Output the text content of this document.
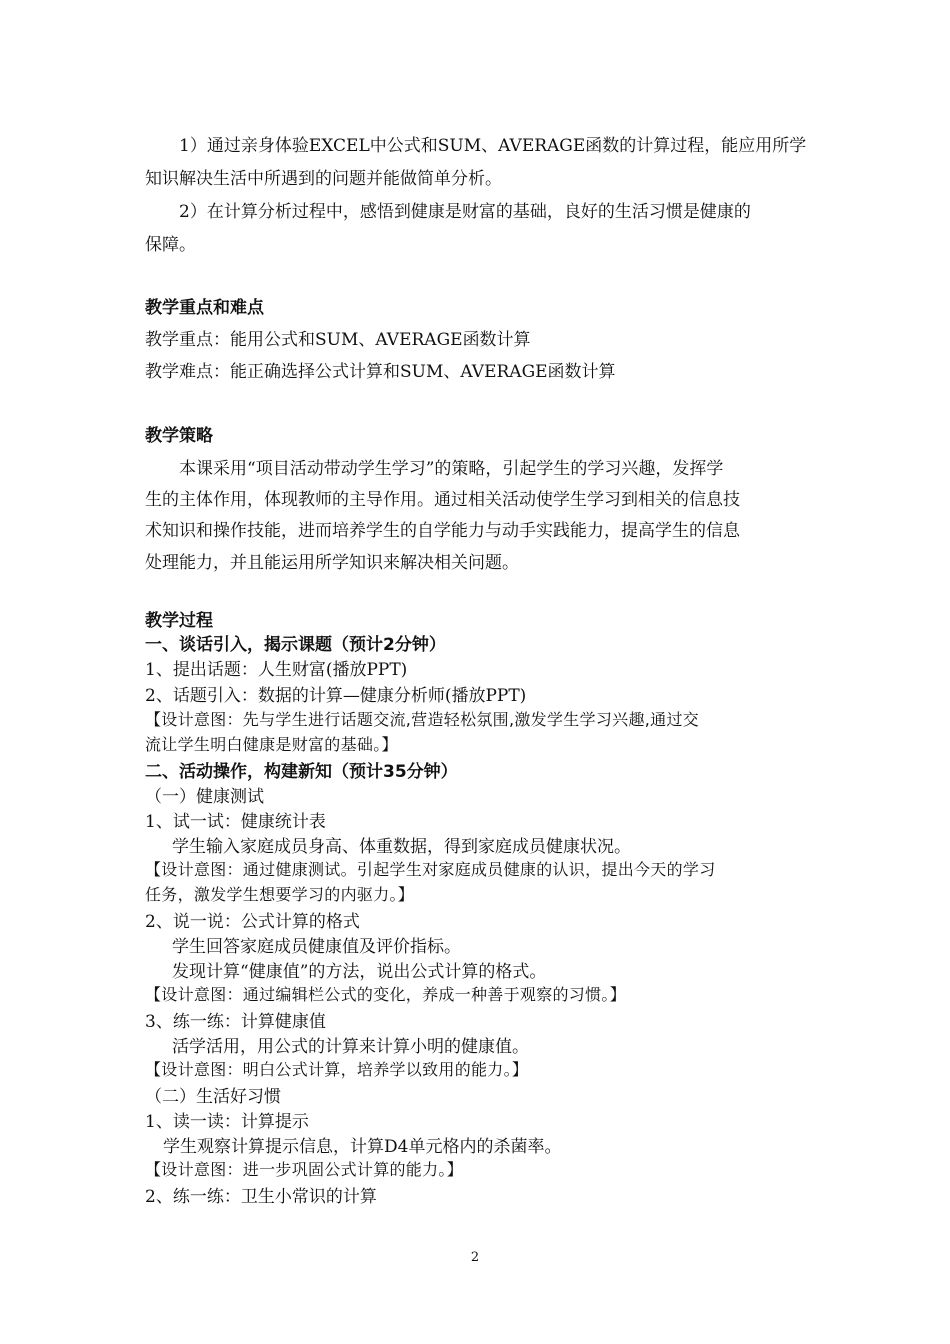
1）通过亲身体验EXCEL中公式和SUM、AVERAGE函数的计算过程，能应用所学
知识解决生活中所遇到的问题并能做简单分析。
2）在计算分析过程中，感悟到健康是财富的基础，良好的生活习惯是健康的
保障。
教学重点和难点
教学重点：能用公式和SUM、AVERAGE函数计算
教学难点：能正确选择公式计算和SUM、AVERAGE函数计算
教学策略
本课采用“项目活动带动学生学习”的策略，引起学生的学习兴趣，发挥学
生的主体作用，体现教师的主导作用。通过相关活动使学生学习到相关的信息技
术知识和操作技能，进而培养学生的自学能力与动手实践能力，提高学生的信息
处理能力，并且能运用所学知识来解决相关问题。
教学过程
一、谈话引入，揭示课题（预计2分钟）
1、提出话题：人生财富(播放PPT)
2、话题引入：数据的计算—健康分析师(播放PPT)
【设计意图：先与学生进行话题交流,营造轻松氛围,激发学生学习兴趣,通过交
流让学生明白健康是财富的基础。】
二、活动操作，构建新知（预计35分钟）
（一）健康测试
1、试一试：健康统计表
学生输入家庭成员身高、体重数据，得到家庭成员健康状况。
【设计意图：通过健康测试。引起学生对家庭成员健康的认识，提出今天的学习
任务，激发学生想要学习的内驱力。】
2、说一说：公式计算的格式
学生回答家庭成员健康值及评价指标。
发现计算“健康值”的方法，说出公式计算的格式。
【设计意图：通过编辑栏公式的变化，养成一种善于观察的习惯。】
3、练一练：计算健康值
活学活用，用公式的计算来计算小明的健康值。
【设计意图：明白公式计算，培养学以致用的能力。】
（二）生活好习惯
1、读一读：计算提示
学生观察计算提示信息，计算D4单元格内的杀菌率。
【设计意图：进一步巩固公式计算的能力。】
2、练一练：卫生小常识的计算
2
